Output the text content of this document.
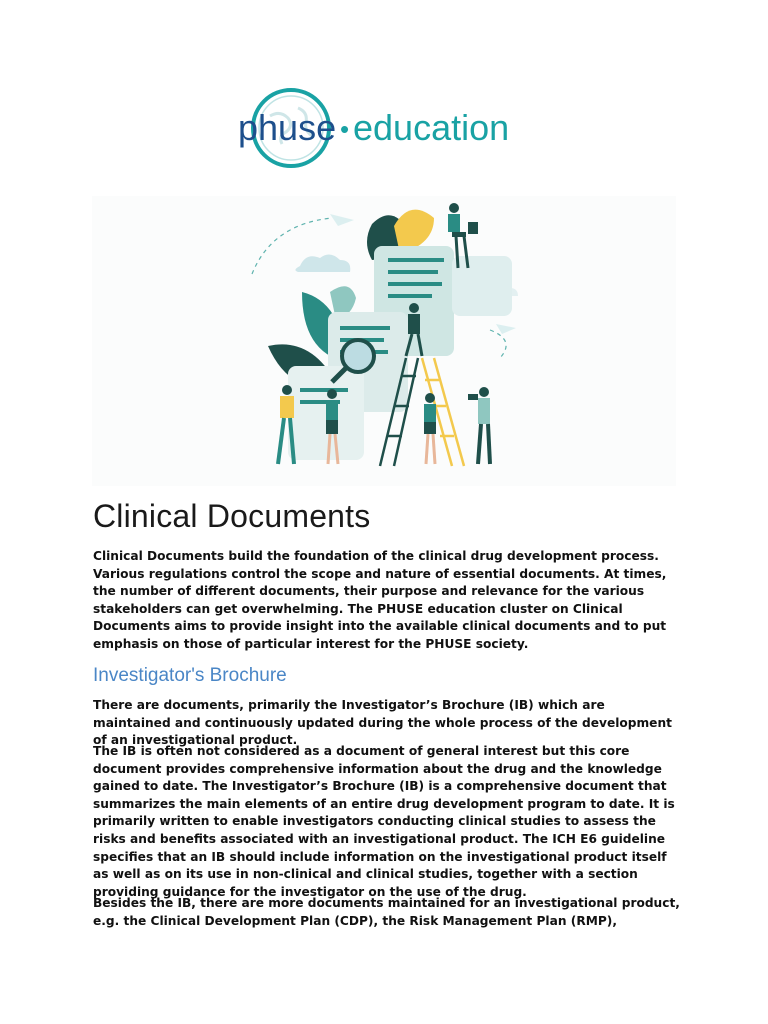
phuse • education
Clinical Documents

Clinical Documents build the foundation of the clinical drug development process. Various regulations control the scope and nature of essential documents. At times, the number of different documents, their purpose and relevance for the various stakeholders can get overwhelming. The PHUSE education cluster on Clinical Documents aims to provide insight into the available clinical documents and to put emphasis on those of particular interest for the PHUSE society.

Investigator's Brochure

There are documents, primarily the Investigator’s Brochure (IB) which are maintained and continuously updated during the whole process of the development of an investigational product.

The IB is often not considered as a document of general interest but this core document provides comprehensive information about the drug and the knowledge gained to date. The Investigator’s Brochure (IB) is a comprehensive document that summarizes the main elements of an entire drug development program to date. It is primarily written to enable investigators conducting clinical studies to assess the risks and benefits associated with an investigational product. The ICH E6 guideline specifies that an IB should include information on the investigational product itself as well as on its use in non-clinical and clinical studies, together with a section providing guidance for the investigator on the use of the drug.

Besides the IB, there are more documents maintained for an investigational product, e.g. the Clinical Development Plan (CDP), the Risk Management Plan (RMP),
